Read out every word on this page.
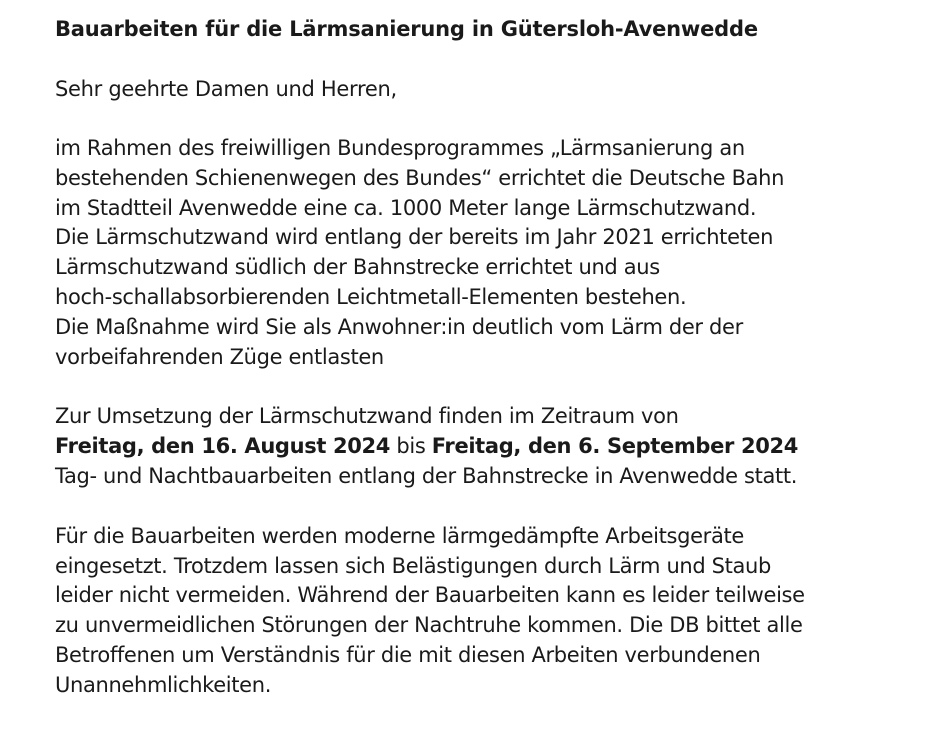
Bauarbeiten für die Lärmsanierung in Gütersloh-Avenwedde

Sehr geehrte Damen und Herren,

im Rahmen des freiwilligen Bundesprogrammes „Lärmsanierung an
bestehenden Schienenwegen des Bundes“ errichtet die Deutsche Bahn
im Stadtteil Avenwedde eine ca. 1000 Meter lange Lärmschutzwand.
Die Lärmschutzwand wird entlang der bereits im Jahr 2021 errichteten
Lärmschutzwand südlich der Bahnstrecke errichtet und aus
hoch-schallabsorbierenden Leichtmetall-Elementen bestehen.
Die Maßnahme wird Sie als Anwohner:in deutlich vom Lärm der der
vorbeifahrenden Züge entlasten

Zur Umsetzung der Lärmschutzwand finden im Zeitraum von
Freitag, den 16. August 2024 bis Freitag, den 6. September 2024
Tag- und Nachtbauarbeiten entlang der Bahnstrecke in Avenwedde statt.

Für die Bauarbeiten werden moderne lärmgedämpfte Arbeitsgeräte
eingesetzt. Trotzdem lassen sich Belästigungen durch Lärm und Staub
leider nicht vermeiden. Während der Bauarbeiten kann es leider teilweise
zu unvermeidlichen Störungen der Nachtruhe kommen. Die DB bittet alle
Betroffenen um Verständnis für die mit diesen Arbeiten verbundenen
Unannehmlichkeiten.
